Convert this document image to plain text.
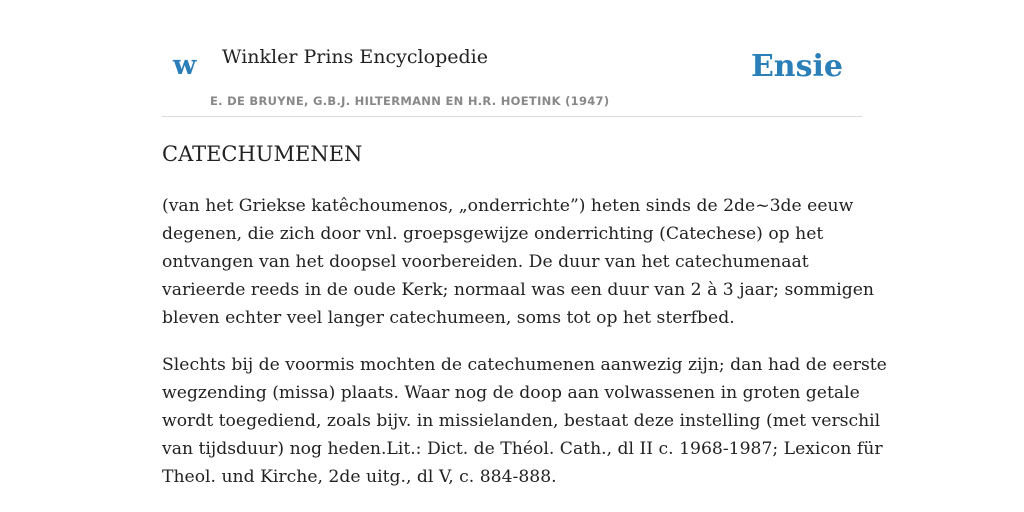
w Winkler Prins Encyclopedie
E. DE BRUYNE, G.B.J. HILTERMANN EN H.R. HOETINK (1947)
Ensie
CATECHUMENEN

(van het Griekse katêchoumenos, „onderrichte”) heten sinds de 2de~3de eeuw
degenen, die zich door vnl. groepsgewijze onderrichting (Catechese) op het
ontvangen van het doopsel voorbereiden. De duur van het catechumenaat
varieerde reeds in de oude Kerk; normaal was een duur van 2 à 3 jaar; sommigen
bleven echter veel langer catechumeen, soms tot op het sterfbed.

Slechts bij de voormis mochten de catechumenen aanwezig zijn; dan had de eerste
wegzending (missa) plaats. Waar nog de doop aan volwassenen in groten getale
wordt toegediend, zoals bijv. in missielanden, bestaat deze instelling (met verschil
van tijdsduur) nog heden.Lit.: Dict. de Théol. Cath., dl II c. 1968-1987; Lexicon für
Theol. und Kirche, 2de uitg., dl V, c. 884-888.
